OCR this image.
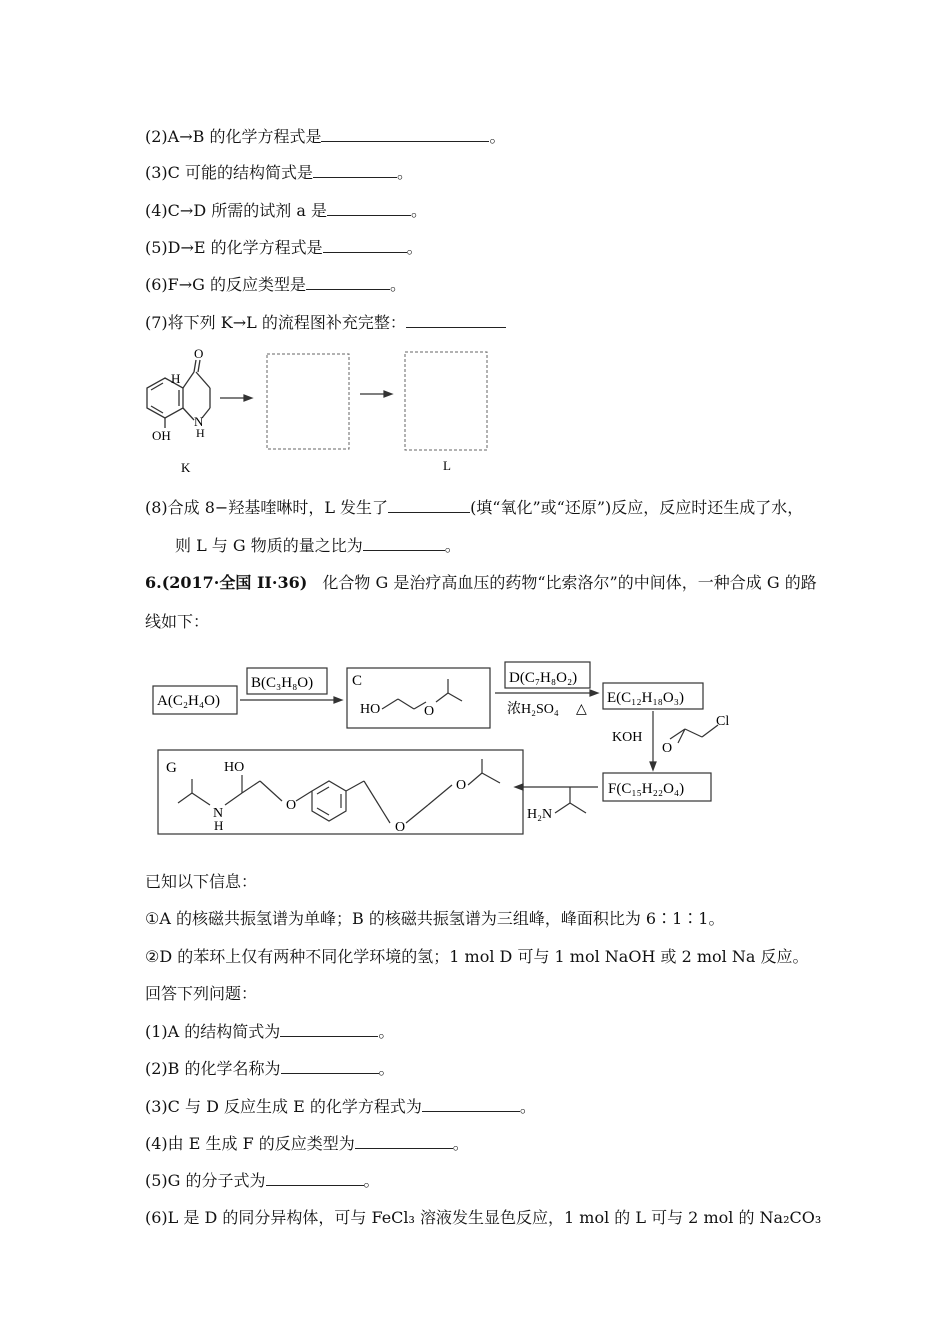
(2)A→B 的化学方程式是	。
(3)C 可能的结构简式是	。
(4)C→D 所需的试剂 a 是	。
(5)D→E 的化学方程式是	。
(6)F→G 的反应类型是	。
(7)将下列 K→L 的流程图补充完整：
O
H
N
H
OH
K	L
(8)合成 8−羟基喹啉时，L 发生了	(填“氧化”或“还原”)反应，反应时还生成了水，
则 L 与 G 物质的量之比为	。
6.(2017·全国 II·36) 化合物 G 是治疗高血压的药物“比索洛尔”的中间体，一种合成 G 的路
线如下：
A(C₂H₄O)
B(C₃H₈O)	C
HO	O
D(C₇H₈O₂)
浓H₂SO₄ △
E(C₁₂H₁₈O₃)
KOH
O
Cl
F(C₁₅H₂₂O₄)
H₂N
G	HO
N
H
O
O
O
已知以下信息：
①A 的核磁共振氢谱为单峰；B 的核磁共振氢谱为三组峰，峰面积比为 6∶1∶1。
②D 的苯环上仅有两种不同化学环境的氢；1 mol D 可与 1 mol NaOH 或 2 mol Na 反应。
回答下列问题：
(1)A 的结构简式为	。
(2)B 的化学名称为	。
(3)C 与 D 反应生成 E 的化学方程式为	。
(4)由 E 生成 F 的反应类型为	。
(5)G 的分子式为	。
(6)L 是 D 的同分异构体，可与 FeCl₃ 溶液发生显色反应，1 mol 的 L 可与 2 mol 的 Na₂CO₃
